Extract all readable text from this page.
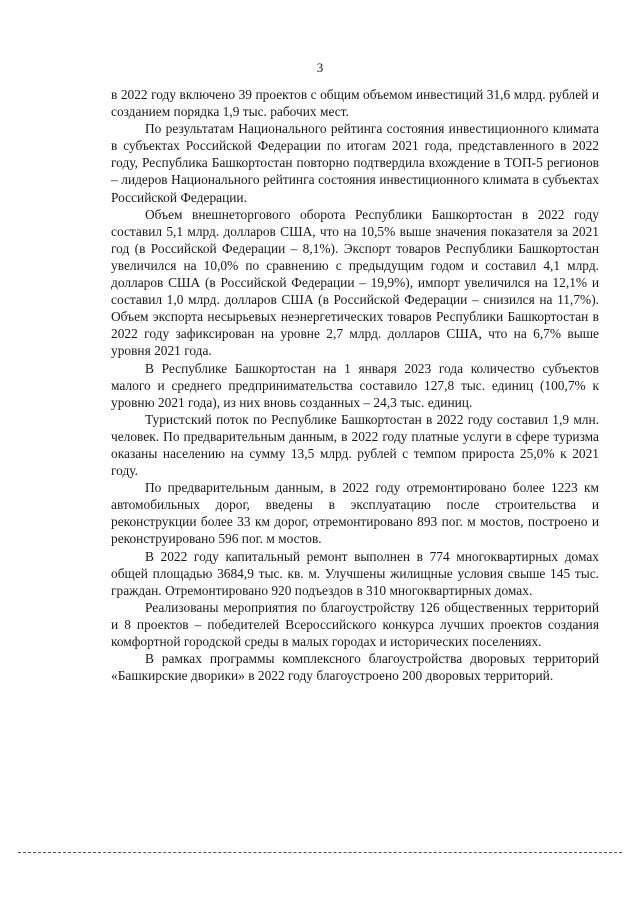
3

в 2022 году включено 39 проектов с общим объемом инвестиций 31,6 млрд. рублей и созданием порядка 1,9 тыс. рабочих мест.

По результатам Национального рейтинга состояния инвестиционного климата в субъектах Российской Федерации по итогам 2021 года, представленного в 2022 году, Республика Башкортостан повторно подтвердила вхождение в ТОП-5 регионов – лидеров Национального рейтинга состояния инвестиционного климата в субъектах Российской Федерации.

Объем внешнеторгового оборота Республики Башкортостан в 2022 году составил 5,1 млрд. долларов США, что на 10,5% выше значения показателя за 2021 год (в Российской Федерации – 8,1%). Экспорт товаров Республики Башкортостан увеличился на 10,0% по сравнению с предыдущим годом и составил 4,1 млрд. долларов США (в Российской Федерации – 19,9%), импорт увеличился на 12,1% и составил 1,0 млрд. долларов США (в Российской Федерации – снизился на 11,7%). Объем экспорта несырьевых неэнергетических товаров Республики Башкортостан в 2022 году зафиксирован на уровне 2,7 млрд. долларов США, что на 6,7% выше уровня 2021 года.

В Республике Башкортостан на 1 января 2023 года количество субъектов малого и среднего предпринимательства составило 127,8 тыс. единиц (100,7% к уровню 2021 года), из них вновь созданных – 24,3 тыс. единиц.

Туристский поток по Республике Башкортостан в 2022 году составил 1,9 млн. человек. По предварительным данным, в 2022 году платные услуги в сфере туризма оказаны населению на сумму 13,5 млрд. рублей с темпом прироста 25,0% к 2021 году.

По предварительным данным, в 2022 году отремонтировано более 1223 км автомобильных дорог, введены в эксплуатацию после строительства и реконструкции более 33 км дорог, отремонтировано 893 пог. м мостов, построено и реконструировано 596 пог. м мостов.

В 2022 году капитальный ремонт выполнен в 774 многоквартирных домах общей площадью 3684,9 тыс. кв. м. Улучшены жилищные условия свыше 145 тыс. граждан. Отремонтировано 920 подъездов в 310 многоквартирных домах.

Реализованы мероприятия по благоустройству 126 общественных территорий и 8 проектов – победителей Всероссийского конкурса лучших проектов создания комфортной городской среды в малых городах и исторических поселениях.

В рамках программы комплексного благоустройства дворовых территорий «Башкирские дворики» в 2022 году благоустроено 200 дворовых территорий.
